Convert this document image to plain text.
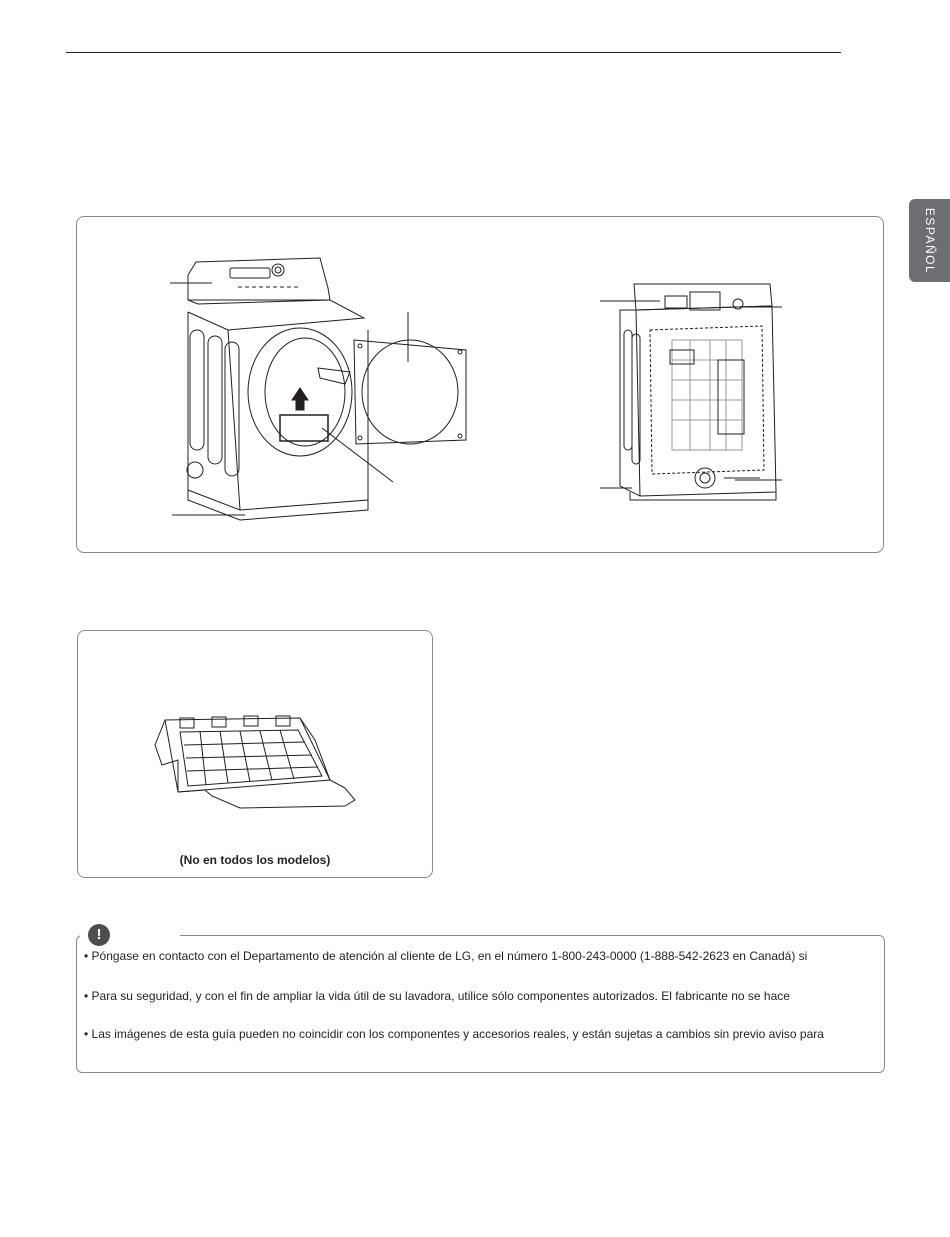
ESPAÑOL
(No en todos los modelos)
!
• Póngase en contacto con el Departamento de atención al cliente de LG, en el número 1-800-243-0000 (1-888-542-2623 en Canadá) si
• Para su seguridad, y con el fin de ampliar la vida útil de su lavadora, utilice sólo componentes autorizados. El fabricante no se hace
• Las imágenes de esta guía pueden no coincidir con los componentes y accesorios reales, y están sujetas a cambios sin previo aviso para
